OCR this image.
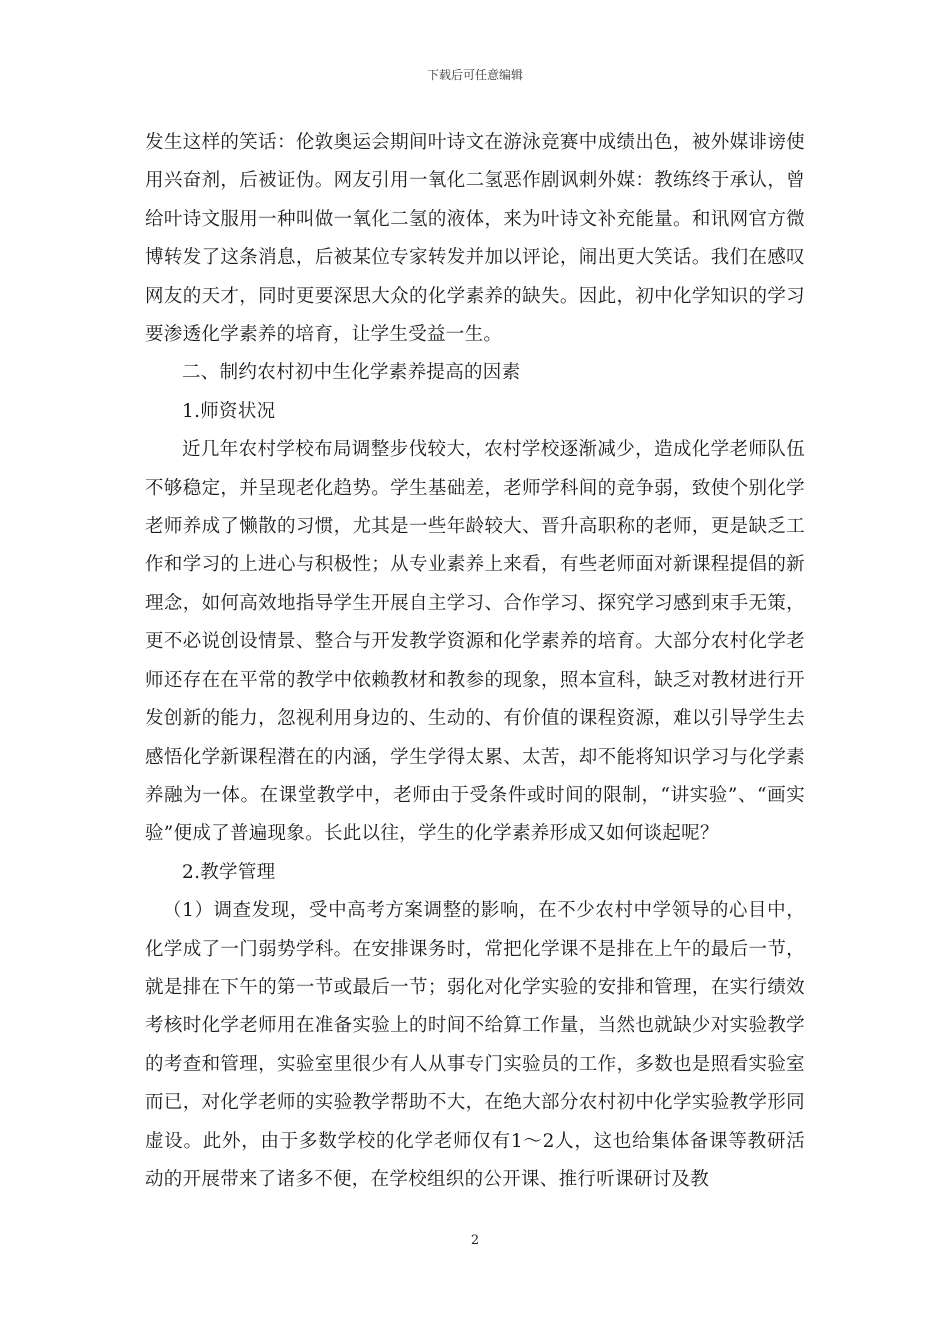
下载后可任意编辑

发生这样的笑话：伦敦奥运会期间叶诗文在游泳竞赛中成绩出色，被外媒诽谤使用兴奋剂，后被证伪。网友引用一氧化二氢恶作剧讽刺外媒：教练终于承认，曾给叶诗文服用一种叫做一氧化二氢的液体，来为叶诗文补充能量。和讯网官方微博转发了这条消息，后被某位专家转发并加以评论，闹出更大笑话。我们在感叹网友的天才，同时更要深思大众的化学素养的缺失。因此，初中化学知识的学习要渗透化学素养的培育，让学生受益一生。

二、制约农村初中生化学素养提高的因素

1.师资状况

近几年农村学校布局调整步伐较大，农村学校逐渐减少，造成化学老师队伍不够稳定，并呈现老化趋势。学生基础差，老师学科间的竞争弱，致使个别化学老师养成了懒散的习惯，尤其是一些年龄较大、晋升高职称的老师，更是缺乏工作和学习的上进心与积极性；从专业素养上来看，有些老师面对新课程提倡的新理念，如何高效地指导学生开展自主学习、合作学习、探究学习感到束手无策，更不必说创设情景、整合与开发教学资源和化学素养的培育。大部分农村化学老师还存在在平常的教学中依赖教材和教参的现象，照本宣科，缺乏对教材进行开发创新的能力，忽视利用身边的、生动的、有价值的课程资源，难以引导学生去感悟化学新课程潜在的内涵，学生学得太累、太苦，却不能将知识学习与化学素养融为一体。在课堂教学中，老师由于受条件或时间的限制，“讲实验”、“画实验”便成了普遍现象。长此以往，学生的化学素养形成又如何谈起呢？

2.教学管理

（1）调查发现，受中高考方案调整的影响，在不少农村中学领导的心目中，化学成了一门弱势学科。在安排课务时，常把化学课不是排在上午的最后一节，就是排在下午的第一节或最后一节；弱化对化学实验的安排和管理，在实行绩效考核时化学老师用在准备实验上的时间不给算工作量，当然也就缺少对实验教学的考查和管理，实验室里很少有人从事专门实验员的工作，多数也是照看实验室而已，对化学老师的实验教学帮助不大，在绝大部分农村初中化学实验教学形同虚设。此外，由于多数学校的化学老师仅有1～2人，这也给集体备课等教研活动的开展带来了诸多不便，在学校组织的公开课、推行听课研讨及教

2
